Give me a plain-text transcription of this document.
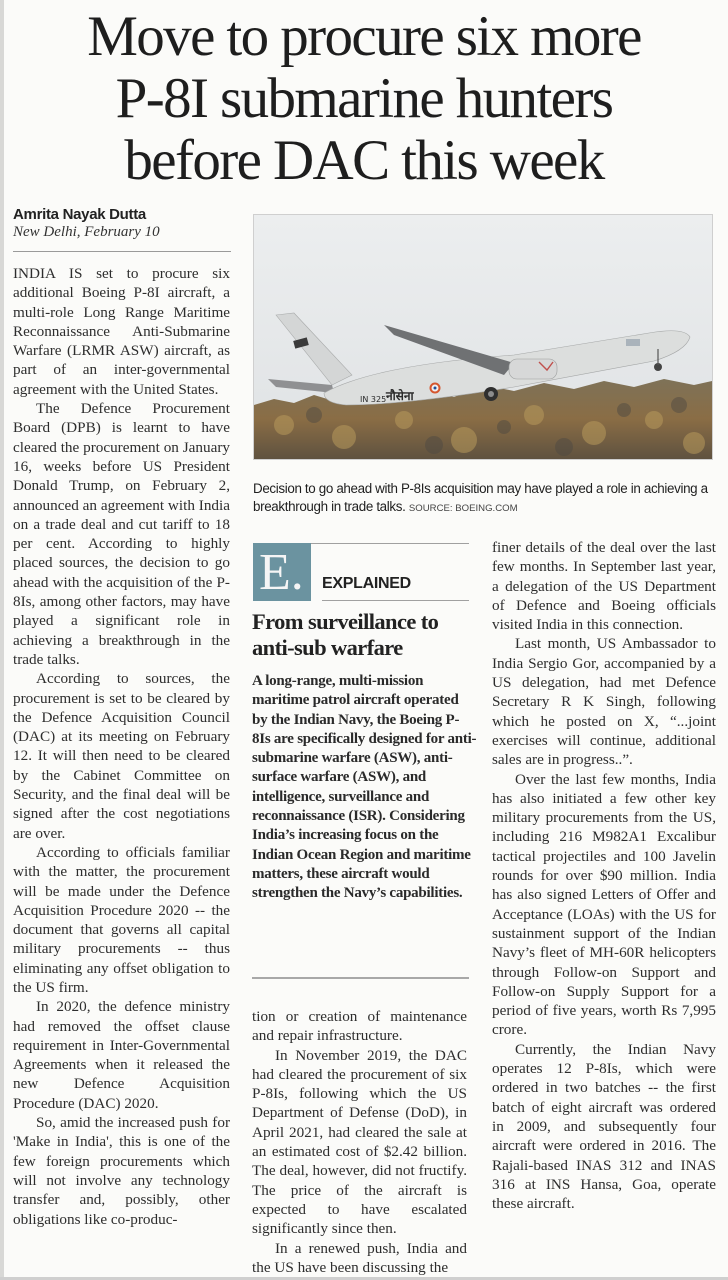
Move to procure six more
P-8I submarine hunters
before DAC this week
Amrita Nayak Dutta
New Delhi, February 10

INDIA IS set to procure six additional Boeing P-8I aircraft, a multi-role Long Range Maritime Reconnaissance Anti-Submarine Warfare (LRMR ASW) aircraft, as part of an inter-governmental agreement with the United States.

The Defence Procurement Board (DPB) is learnt to have cleared the procurement on January 16, weeks before US President Donald Trump, on February 2, announced an agreement with India on a trade deal and cut tariff to 18 per cent. According to highly placed sources, the decision to go ahead with the acquisition of the P-8Is, among other factors, may have played a significant role in achieving a breakthrough in the trade talks.

According to sources, the procurement is set to be cleared by the Defence Acquisition Council (DAC) at its meeting on February 12. It will then need to be cleared by the Cabinet Committee on Security, and the final deal will be signed after the cost negotiations are over.

According to officials familiar with the matter, the procurement will be made under the Defence Acquisition Procedure 2020 -- the document that governs all capital military procurements -- thus eliminating any offset obligation to the US firm.

In 2020, the defence ministry had removed the offset clause requirement in Inter-Governmental Agreements when it released the new Defence Acquisition Procedure (DAC) 2020.

So, amid the increased push for 'Make in India', this is one of the few foreign procurements which will not involve any technology transfer and, possibly, other obligations like co-produc-

IN 325 नौसेना
Decision to go ahead with P-8Is acquisition may have played a role in achieving a breakthrough in trade talks. SOURCE: BOEING.COM
E. EXPLAINED
From surveillance to anti-sub warfare
A long-range, multi-mission maritime patrol aircraft operated by the Indian Navy, the Boeing P-8Is are specifically designed for anti-submarine warfare (ASW), anti-surface warfare (ASW), and intelligence, surveillance and reconnaissance (ISR). Considering India’s increasing focus on the Indian Ocean Region and maritime matters, these aircraft would strengthen the Navy’s capabilities.

tion or creation of maintenance and repair infrastructure.

In November 2019, the DAC had cleared the procurement of six P-8Is, following which the US Department of Defense (DoD), in April 2021, had cleared the sale at an estimated cost of $2.42 billion. The deal, however, did not fructify. The price of the aircraft is expected to have escalated significantly since then.

In a renewed push, India and the US have been discussing the

finer details of the deal over the last few months. In September last year, a delegation of the US Department of Defence and Boeing officials visited India in this connection.

Last month, US Ambassador to India Sergio Gor, accompanied by a US delegation, had met Defence Secretary R K Singh, following which he posted on X, “...joint exercises will continue, additional sales are in progress..”.

Over the last few months, India has also initiated a few other key military procurements from the US, including 216 M982A1 Excalibur tactical projectiles and 100 Javelin rounds for over $90 million. India has also signed Letters of Offer and Acceptance (LOAs) with the US for sustainment support of the Indian Navy’s fleet of MH-60R helicopters through Follow-on Support and Follow-on Supply Support for a period of five years, worth Rs 7,995 crore.

Currently, the Indian Navy operates 12 P-8Is, which were ordered in two batches -- the first batch of eight aircraft was ordered in 2009, and subsequently four aircraft were ordered in 2016. The Rajali-based INAS 312 and INAS 316 at INS Hansa, Goa, operate these aircraft.
